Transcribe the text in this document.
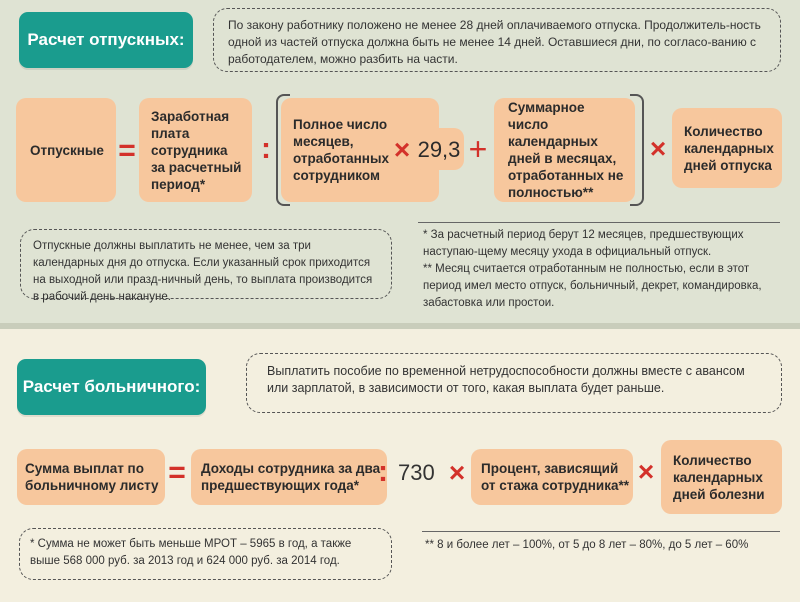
Расчет отпускных:
По закону работнику положено не менее 28 дней оплачиваемого отпуска. Продолжитель-ность одной из частей отпуска должна быть не менее 14 дней. Оставшиеся дни, по согласо-ванию с работодателем, можно разбить на части.
Отпускные =
Заработная плата сотрудника за расчетный период*
:
Полное число месяцев, отработанных сотрудником
× 29,3 +
Суммарное число календарных дней в месяцах, отработанных не полностью**
×
Количество календарных дней отпуска
Отпускные должны выплатить не менее, чем за три календарных дня до отпуска. Если указанный срок приходится на выходной или празд-ничный день, то выплата производится в рабочий день накануне.
* За расчетный период берут 12 месяцев, предшествующих наступаю-щему месяцу ухода в официальный отпуск.
** Месяц считается отработанным не полностью, если в этот период имел место отпуск, больничный, декрет, командировка, забастовка или простои.
Расчет больничного:
Выплатить пособие по временной нетрудоспособности должны вместе с авансом или зарплатой, в зависимости от того, какая выплата будет раньше.
Сумма выплат по больничному листу =	Доходы сотрудника за два предшествующих года* : 730 ×	Процент, зависящий от стажа сотрудника** ×	Количество календарных дней болезни
* Сумма не может быть меньше МРОТ – 5965 в год, а также выше 568 000 руб. за 2013 год и 624 000 руб. за 2014 год.
** 8 и более лет – 100%, от 5 до 8 лет – 80%, до 5 лет – 60%
